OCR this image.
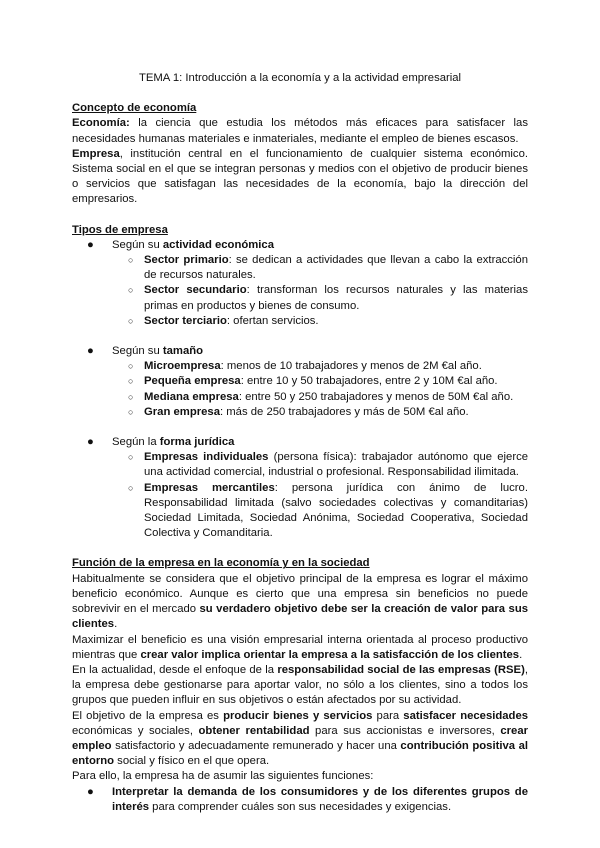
TEMA 1: Introducción a la economía y a la actividad empresarial

Concepto de economía

Economía: la ciencia que estudia los métodos más eficaces para satisfacer las necesidades humanas materiales e inmateriales, mediante el empleo de bienes escasos.

Empresa, institución central en el funcionamiento de cualquier sistema económico. Sistema social en el que se integran personas y medios con el objetivo de producir bienes o servicios que satisfagan las necesidades de la economía, bajo la dirección del empresarios.

Tipos de empresa

● Según su actividad económica
○ Sector primario: se dedican a actividades que llevan a cabo la extracción de recursos naturales.
○ Sector secundario: transforman los recursos naturales y las materias primas en productos y bienes de consumo.
○ Sector terciario: ofertan servicios.
● Según su tamaño
○ Microempresa: menos de 10 trabajadores y menos de 2M €al año.
○ Pequeña empresa: entre 10 y 50 trabajadores, entre 2 y 10M €al año.
○ Mediana empresa: entre 50 y 250 trabajadores y menos de 50M €al año.
○ Gran empresa: más de 250 trabajadores y más de 50M €al año.
● Según la forma jurídica
○ Empresas individuales (persona física): trabajador autónomo que ejerce una actividad comercial, industrial o profesional. Responsabilidad ilimitada.
○ Empresas mercantiles: persona jurídica con ánimo de lucro. Responsabilidad limitada (salvo sociedades colectivas y comanditarias) Sociedad Limitada, Sociedad Anónima, Sociedad Cooperativa, Sociedad Colectiva y Comanditaria.

Función de la empresa en la economía y en la sociedad

Habitualmente se considera que el objetivo principal de la empresa es lograr el máximo beneficio económico. Aunque es cierto que una empresa sin beneficios no puede sobrevivir en el mercado su verdadero objetivo debe ser la creación de valor para sus clientes.

Maximizar el beneficio es una visión empresarial interna orientada al proceso productivo mientras que crear valor implica orientar la empresa a la satisfacción de los clientes.

En la actualidad, desde el enfoque de la responsabilidad social de las empresas (RSE), la empresa debe gestionarse para aportar valor, no sólo a los clientes, sino a todos los grupos que pueden influir en sus objetivos o están afectados por su actividad.

El objetivo de la empresa es producir bienes y servicios para satisfacer necesidades económicas y sociales, obtener rentabilidad para sus accionistas e inversores, crear empleo satisfactorio y adecuadamente remunerado y hacer una contribución positiva al entorno social y físico en el que opera.

Para ello, la empresa ha de asumir las siguientes funciones:

● Interpretar la demanda de los consumidores y de los diferentes grupos de interés para comprender cuáles son sus necesidades y exigencias.
